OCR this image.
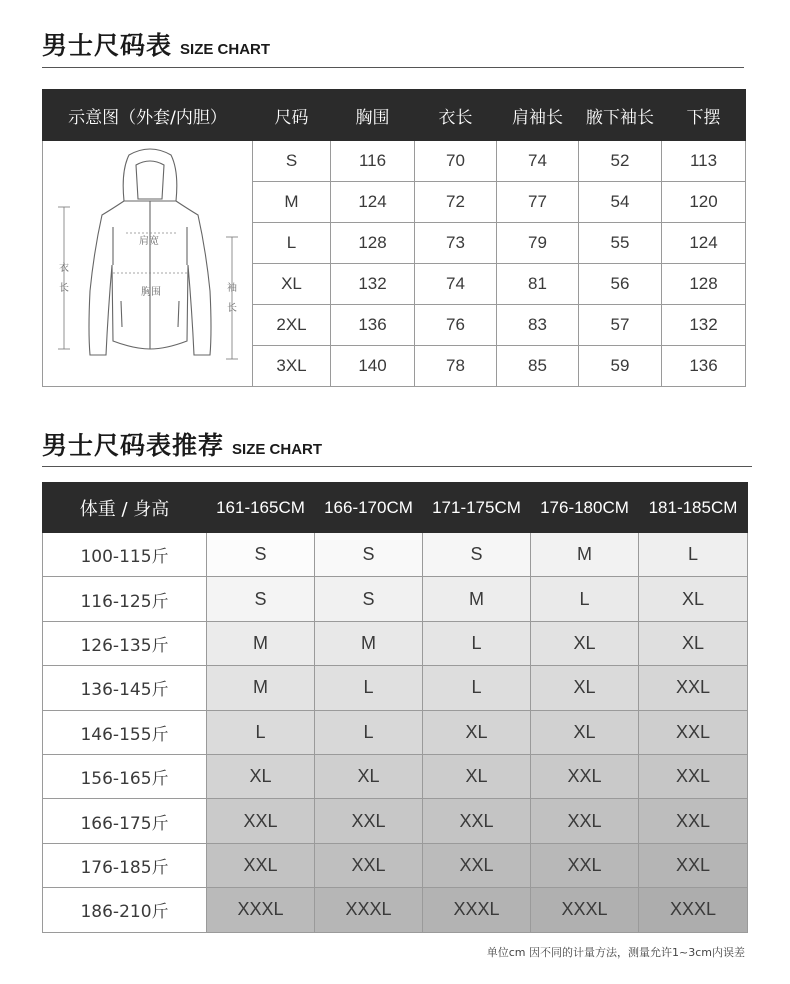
男士尺码表 SIZE CHART
示意图（外套/内胆）	尺码	胸围	衣长	肩袖长	腋下袖长	下摆

肩宽
胸围
衣长 袖长	S	116	70	74	52	113
	M	124	72	77	54	120
	L	128	73	79	55	124
	XL	132	74	81	56	128
	2XL	136	76	83	57	132
	3XL	140	78	85	59	136
男士尺码表推荐 SIZE CHART
体重 / 身高	161-165CM	166-170CM	171-175CM	176-180CM	181-185CM
100-115斤	S	S	S	M	L
116-125斤	S	S	M	L	XL
126-135斤	M	M	L	XL	XL
136-145斤	M	L	L	XL	XXL
146-155斤	L	L	XL	XL	XXL
156-165斤	XL	XL	XL	XXL	XXL
166-175斤	XXL	XXL	XXL	XXL	XXL
176-185斤	XXL	XXL	XXL	XXL	XXL
186-210斤	XXXL	XXXL	XXXL	XXXL	XXXL
单位cm 因不同的计量方法，测量允许1~3cm内误差
